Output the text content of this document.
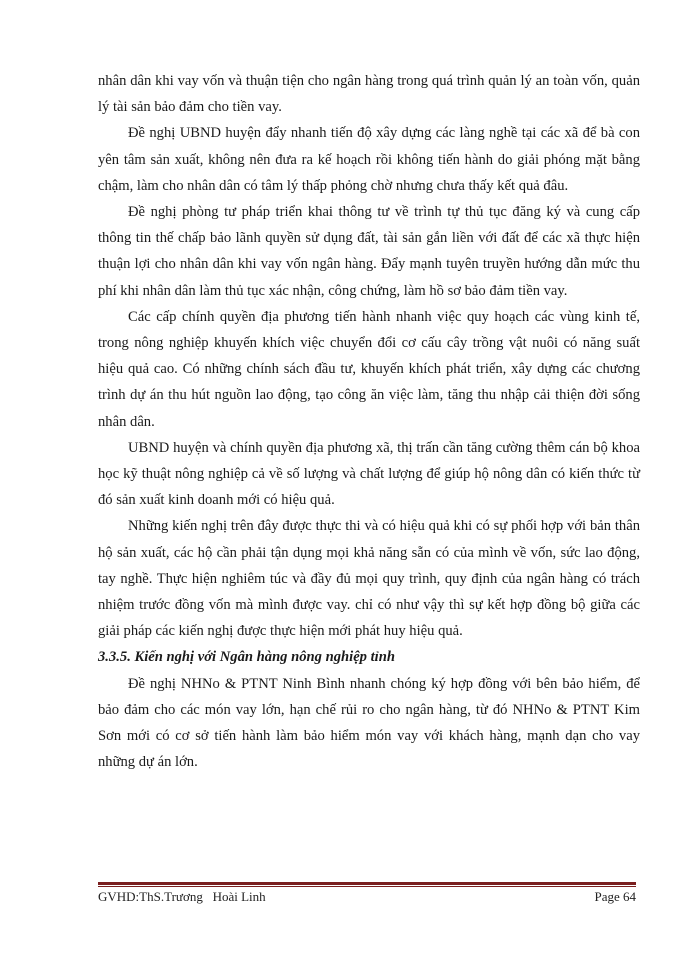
nhân dân khi vay vốn và thuận tiện cho ngân hàng trong quá trình quản lý an toàn vốn, quản lý tài sản bảo đảm cho tiền vay.

Đề nghị UBND huyện đẩy nhanh tiến độ xây dựng các làng nghề tại các xã để bà con yên tâm sản xuất, không nên đưa ra kế hoạch rồi không tiến hành do giải phóng mặt bằng chậm, làm cho nhân dân có tâm lý thấp phỏng chờ nhưng chưa thấy kết quả đâu.

Đề nghị phòng tư pháp triển khai thông tư về trình tự thủ tục đăng ký và cung cấp thông tin thế chấp bảo lãnh quyền sử dụng đất, tài sản gắn liền với đất để các xã thực hiện thuận lợi cho nhân dân khi vay vốn ngân hàng. Đẩy mạnh tuyên truyền hướng dẫn mức thu phí khi nhân dân làm thủ tục xác nhận, công chứng, làm hồ sơ bảo đảm tiền vay.

Các cấp chính quyền địa phương tiến hành nhanh việc quy hoạch các vùng kinh tế, trong nông nghiệp khuyến khích việc chuyển đổi cơ cấu cây trồng vật nuôi có năng suất hiệu quả cao. Có những chính sách đầu tư, khuyến khích phát triển, xây dựng các chương trình dự án thu hút nguồn lao động, tạo công ăn việc làm, tăng thu nhập cải thiện đời sống nhân dân.

UBND huyện và chính quyền địa phương xã, thị trấn cần tăng cường thêm cán bộ khoa học kỹ thuật nông nghiệp cả về số lượng và chất lượng để giúp hộ nông dân có kiến thức từ đó sản xuất kinh doanh mới có hiệu quả.

Những kiến nghị trên đây được thực thi và có hiệu quả khi có sự phối hợp với bản thân hộ sản xuất, các hộ cần phải tận dụng mọi khả năng sẵn có của mình về vốn, sức lao động, tay nghề. Thực hiện nghiêm túc và đầy đủ mọi quy trình, quy định của ngân hàng có trách nhiệm trước đồng vốn mà mình được vay. chỉ có như vậy thì sự kết hợp đồng bộ giữa các giải pháp các kiến nghị được thực hiện mới phát huy hiệu quả.

3.3.5. Kiến nghị với Ngân hàng nông nghiệp tỉnh

Đề nghị NHNo & PTNT Ninh Bình nhanh chóng ký hợp đồng với bên bảo hiểm, để bảo đảm cho các món vay lớn, hạn chế rủi ro cho ngân hàng, từ đó NHNo & PTNT Kim Sơn mới có cơ sở tiến hành làm bảo hiểm món vay với khách hàng, mạnh dạn cho vay những dự án lớn.

GVHD:ThS.Trương   Hoài Linh	Page 64
